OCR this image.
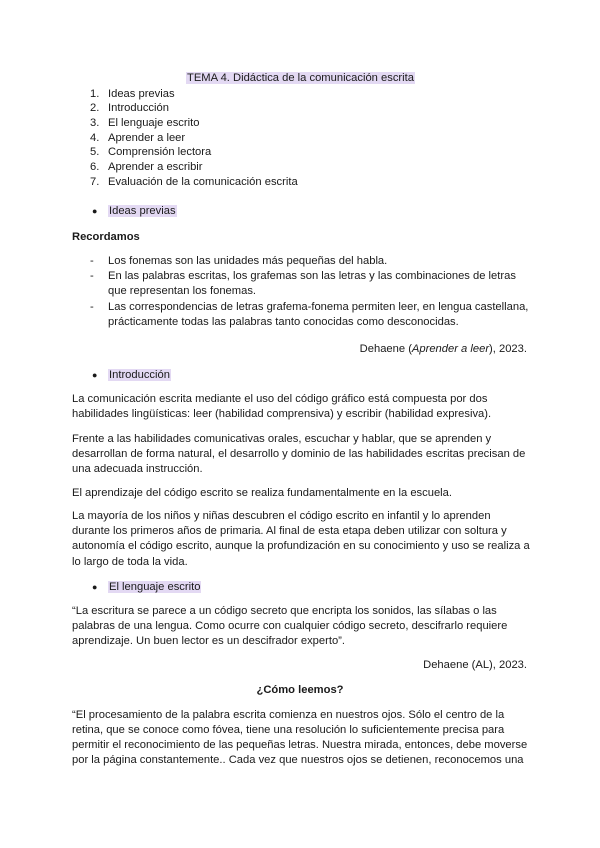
TEMA 4. Didáctica de la comunicación escrita
1. Ideas previas
2. Introducción
3. El lenguaje escrito
4. Aprender a leer
5. Comprensión lectora
6. Aprender a escribir
7. Evaluación de la comunicación escrita
● Ideas previas
Recordamos
- Los fonemas son las unidades más pequeñas del habla.
- En las palabras escritas, los grafemas son las letras y las combinaciones de letras
que representan los fonemas.
- Las correspondencias de letras grafema-fonema permiten leer, en lengua castellana,
prácticamente todas las palabras tanto conocidas como desconocidas.
Dehaene (Aprender a leer), 2023.
● Introducción
La comunicación escrita mediante el uso del código gráfico está compuesta por dos
habilidades lingüísticas: leer (habilidad comprensiva) y escribir (habilidad expresiva).
Frente a las habilidades comunicativas orales, escuchar y hablar, que se aprenden y
desarrollan de forma natural, el desarrollo y dominio de las habilidades escritas precisan de
una adecuada instrucción.
El aprendizaje del código escrito se realiza fundamentalmente en la escuela.
La mayoría de los niños y niñas descubren el código escrito en infantil y lo aprenden
durante los primeros años de primaria. Al final de esta etapa deben utilizar con soltura y
autonomía el código escrito, aunque la profundización en su conocimiento y uso se realiza a
lo largo de toda la vida.
● El lenguaje escrito
“La escritura se parece a un código secreto que encripta los sonidos, las sílabas o las
palabras de una lengua. Como ocurre con cualquier código secreto, descifrarlo requiere
aprendizaje. Un buen lector es un descifrador experto”.
Dehaene (AL), 2023.
¿Cómo leemos?
“El procesamiento de la palabra escrita comienza en nuestros ojos. Sólo el centro de la
retina, que se conoce como fóvea, tiene una resolución lo suficientemente precisa para
permitir el reconocimiento de las pequeñas letras. Nuestra mirada, entonces, debe moverse
por la página constantemente.. Cada vez que nuestros ojos se detienen, reconocemos una
